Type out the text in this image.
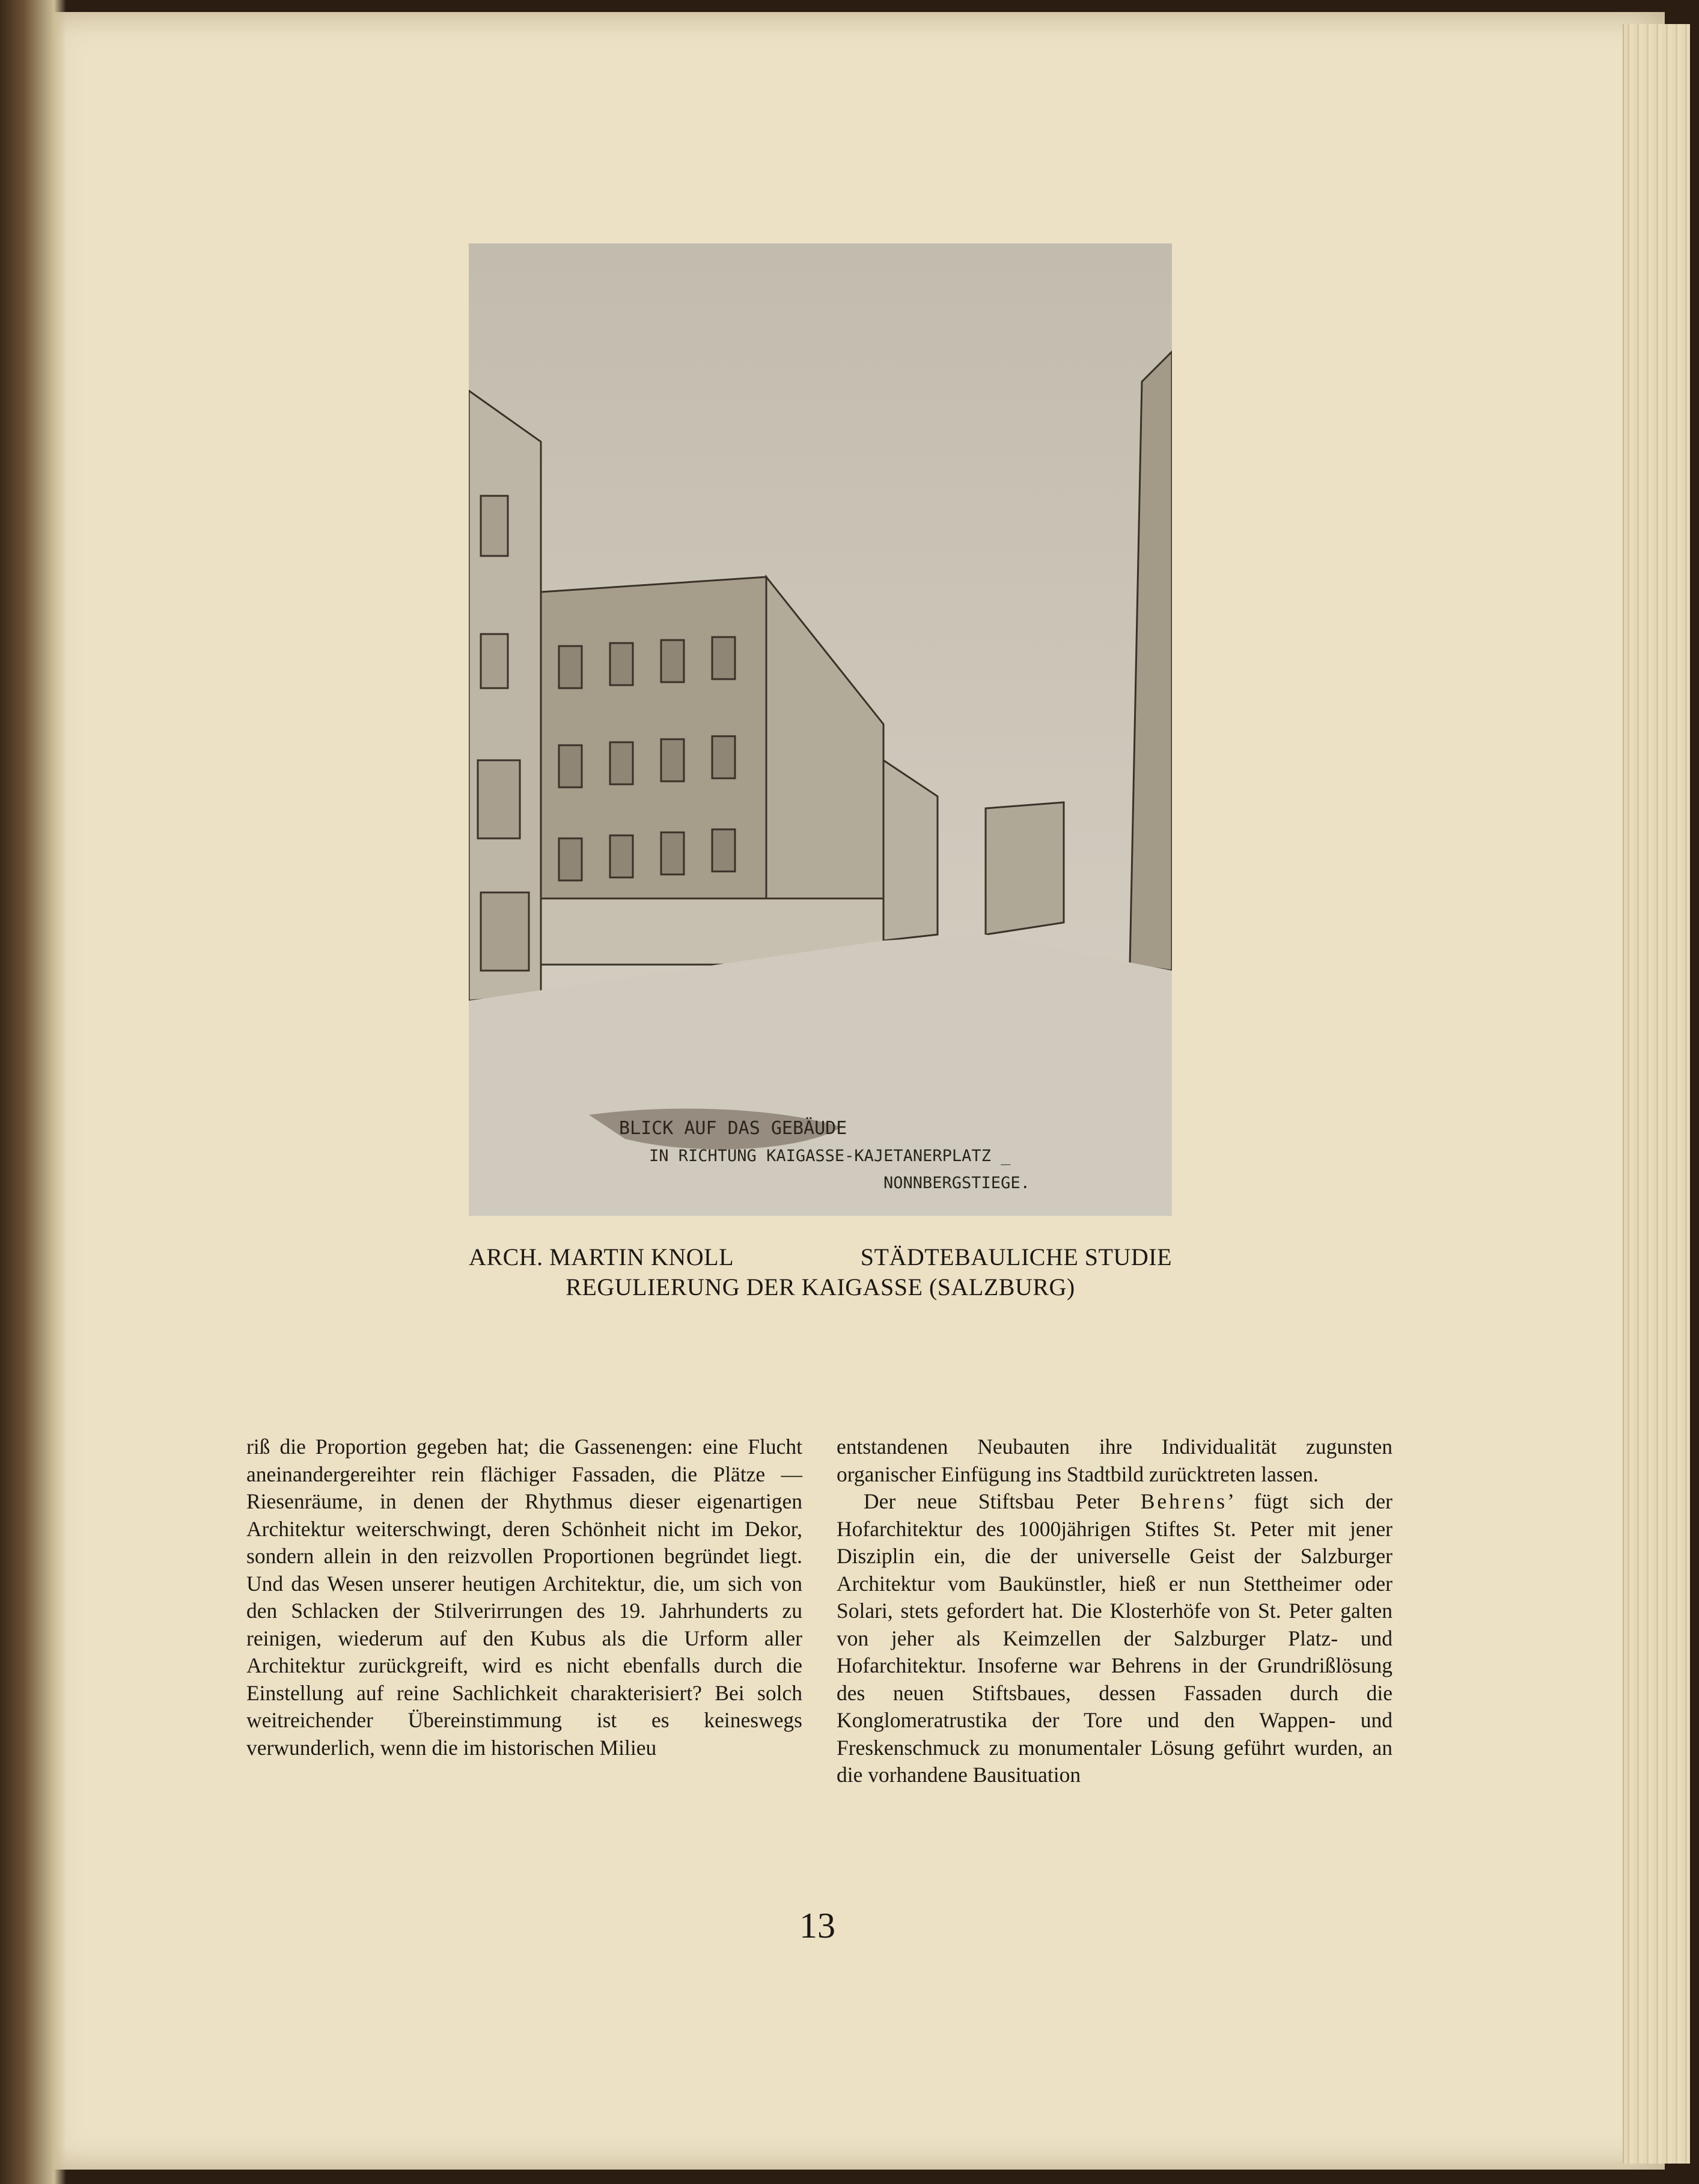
BLICK AUF DAS GEBÄUDE
IN RICHTUNG KAIGASSE-KAJETANERPLATZ _
NONNBERGSTIEGE.
ARCH. MARTIN KNOLL	STÄDTEBAULICHE STUDIE
REGULIERUNG DER KAIGASSE (SALZBURG)

riß die Proportion gegeben hat; die Gassenengen: eine Flucht aneinandergereihter rein flächiger Fassaden, die Plätze — Riesenräume, in denen der Rhythmus dieser eigenartigen Architektur weiterschwingt, deren Schönheit nicht im Dekor, sondern allein in den reizvollen Proportionen begründet liegt. Und das Wesen unserer heutigen Architektur, die, um sich von den Schlacken der Stilverirrungen des 19. Jahrhunderts zu reinigen, wiederum auf den Kubus als die Urform aller Architektur zurückgreift, wird es nicht ebenfalls durch die Einstellung auf reine Sachlichkeit charakterisiert? Bei solch weitreichender Übereinstimmung ist es keineswegs verwunderlich, wenn die im historischen Milieu

entstandenen Neubauten ihre Individualität zugunsten organischer Einfügung ins Stadtbild zurücktreten lassen.

Der neue Stiftsbau Peter Behrens’ fügt sich der Hofarchitektur des 1000jährigen Stiftes St. Peter mit jener Disziplin ein, die der universelle Geist der Salzburger Architektur vom Baukünstler, hieß er nun Stettheimer oder Solari, stets gefordert hat. Die Klosterhöfe von St. Peter galten von jeher als Keimzellen der Salzburger Platz- und Hofarchitektur. Insoferne war Behrens in der Grundrißlösung des neuen Stiftsbaues, dessen Fassaden durch die Konglomeratrustika der Tore und den Wappen- und Freskenschmuck zu monumentaler Lösung geführt wurden, an die vorhandene Bausituation

13
